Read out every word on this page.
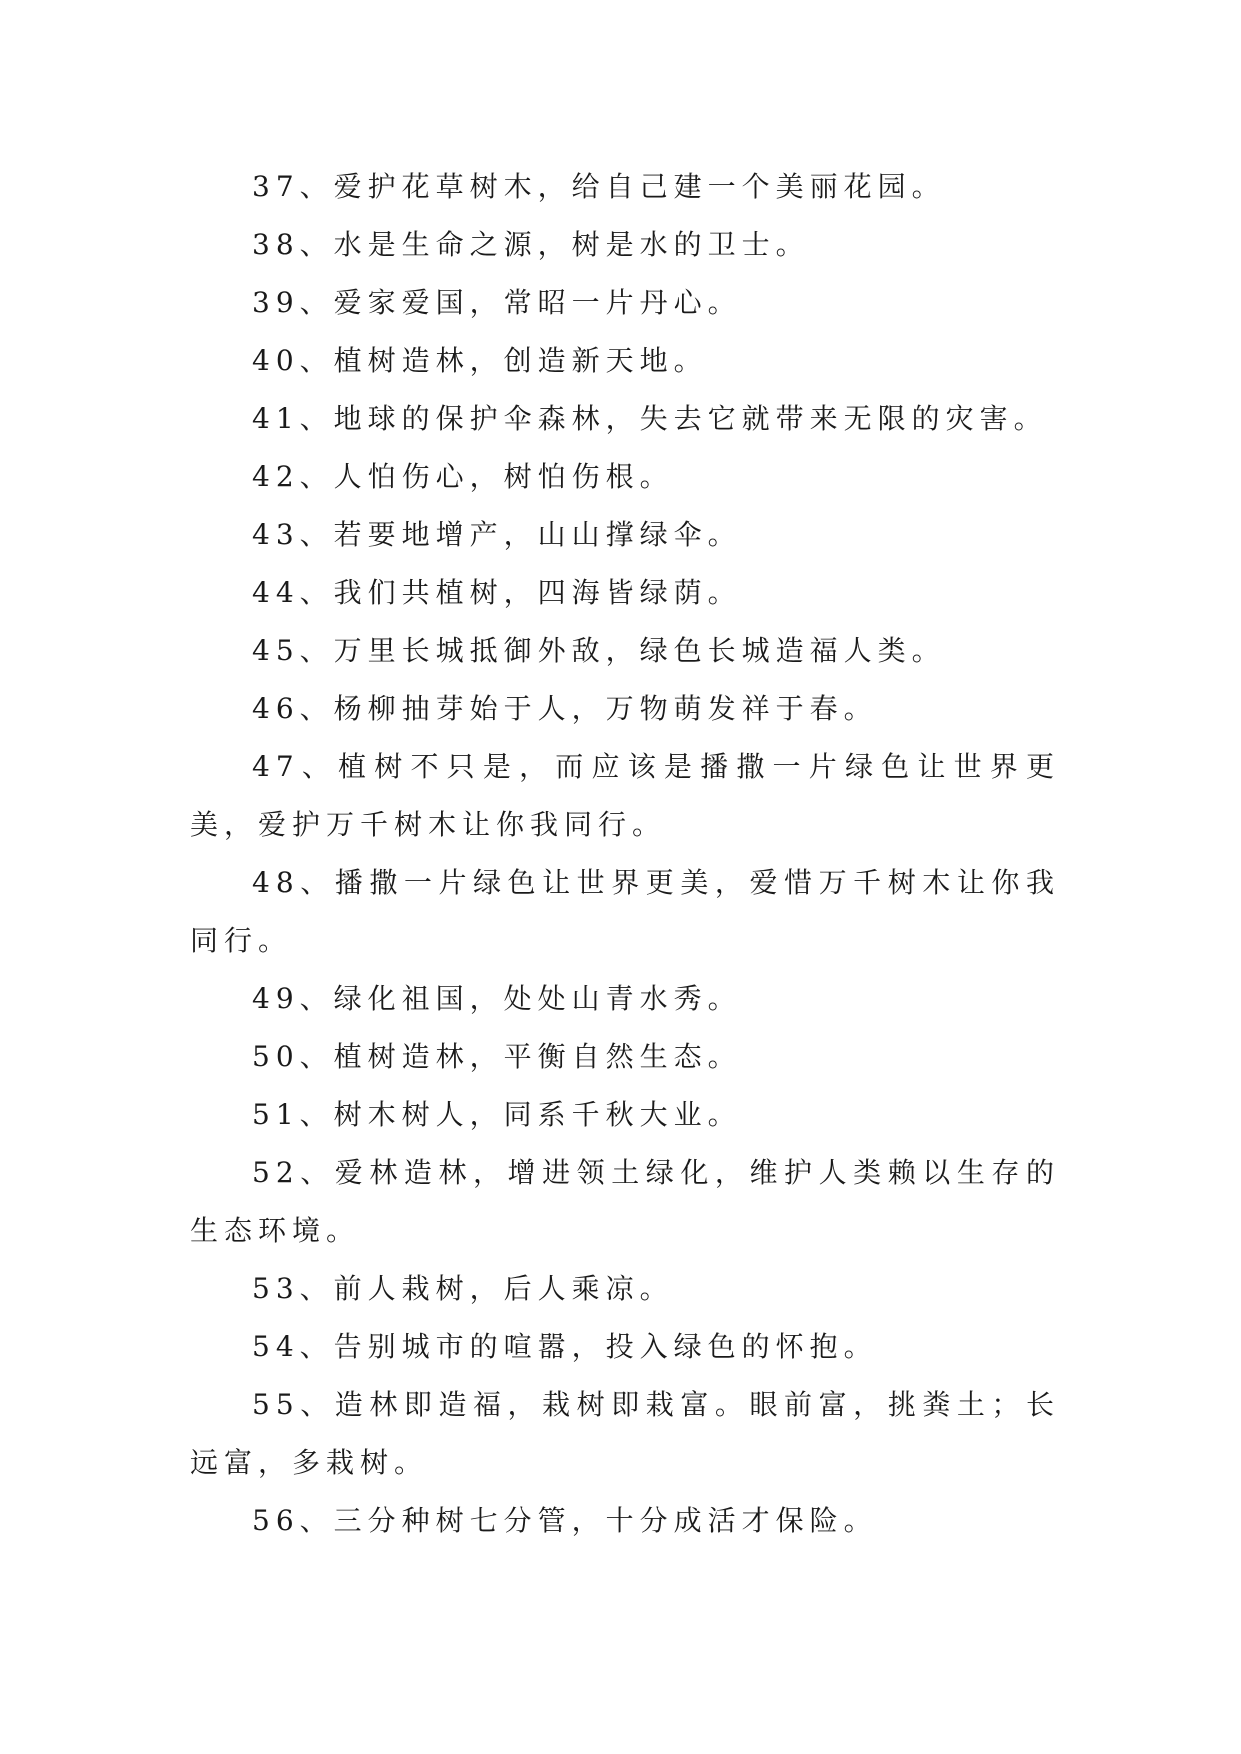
37、爱护花草树木，给自己建一个美丽花园。

38、水是生命之源，树是水的卫士。

39、爱家爱国，常昭一片丹心。

40、植树造林，创造新天地。

41、地球的保护伞森林，失去它就带来无限的灾害。

42、人怕伤心，树怕伤根。

43、若要地增产，山山撑绿伞。

44、我们共植树，四海皆绿荫。

45、万里长城抵御外敌，绿色长城造福人类。

46、杨柳抽芽始于人，万物萌发祥于春。

47、植树不只是，而应该是播撒一片绿色让世界更美，爱护万千树木让你我同行。

48、播撒一片绿色让世界更美，爱惜万千树木让你我同行。

49、绿化祖国，处处山青水秀。

50、植树造林，平衡自然生态。

51、树木树人，同系千秋大业。

52、爱林造林，增进领土绿化，维护人类赖以生存的生态环境。

53、前人栽树，后人乘凉。

54、告别城市的喧嚣，投入绿色的怀抱。

55、造林即造福，栽树即栽富。眼前富，挑粪土；长远富，多栽树。

56、三分种树七分管，十分成活才保险。
